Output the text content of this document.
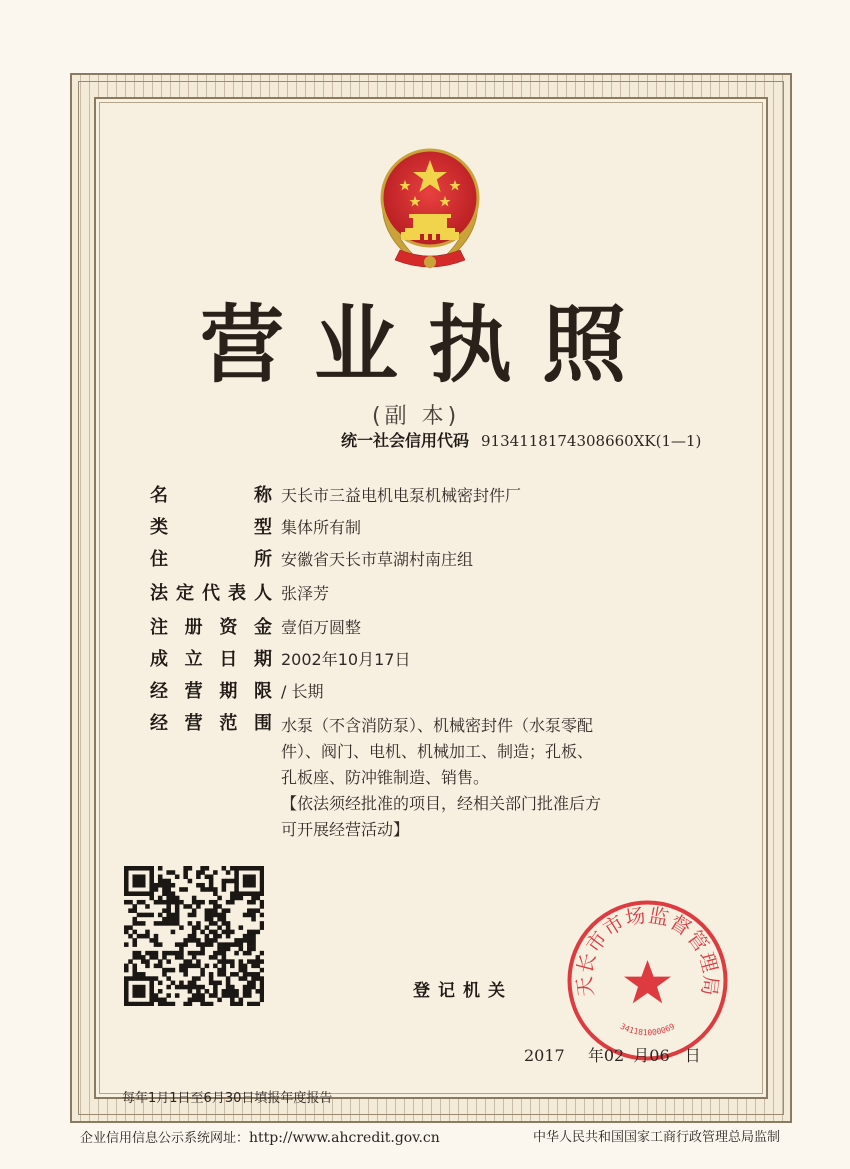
营业执照
(副 本)
统一社会信用代码 9134118174308660XK(1—1)
名称 天长市三益电机电泵机械密封件厂
类型 集体所有制
住所 安徽省天长市草湖村南庄组
法定代表人 张泽芳
注册资金 壹佰万圆整
成立日期 2002年10月17日
经营期限 / 长期
经营范围 水泵（不含消防泵）、机械密封件（水泵零配
件）、阀门、电机、机械加工、制造；孔板、
孔板座、防冲锥制造、销售。
【依法须经批准的项目，经相关部门批准后方
可开展经营活动】
登记机关	天长市市场监督管理局
341181000069
2017 年02 月06 日
每年1月1日至6月30日填报年度报告
企业信用信息公示系统网址：http://www.ahcredit.gov.cn	中华人民共和国国家工商行政管理总局监制
